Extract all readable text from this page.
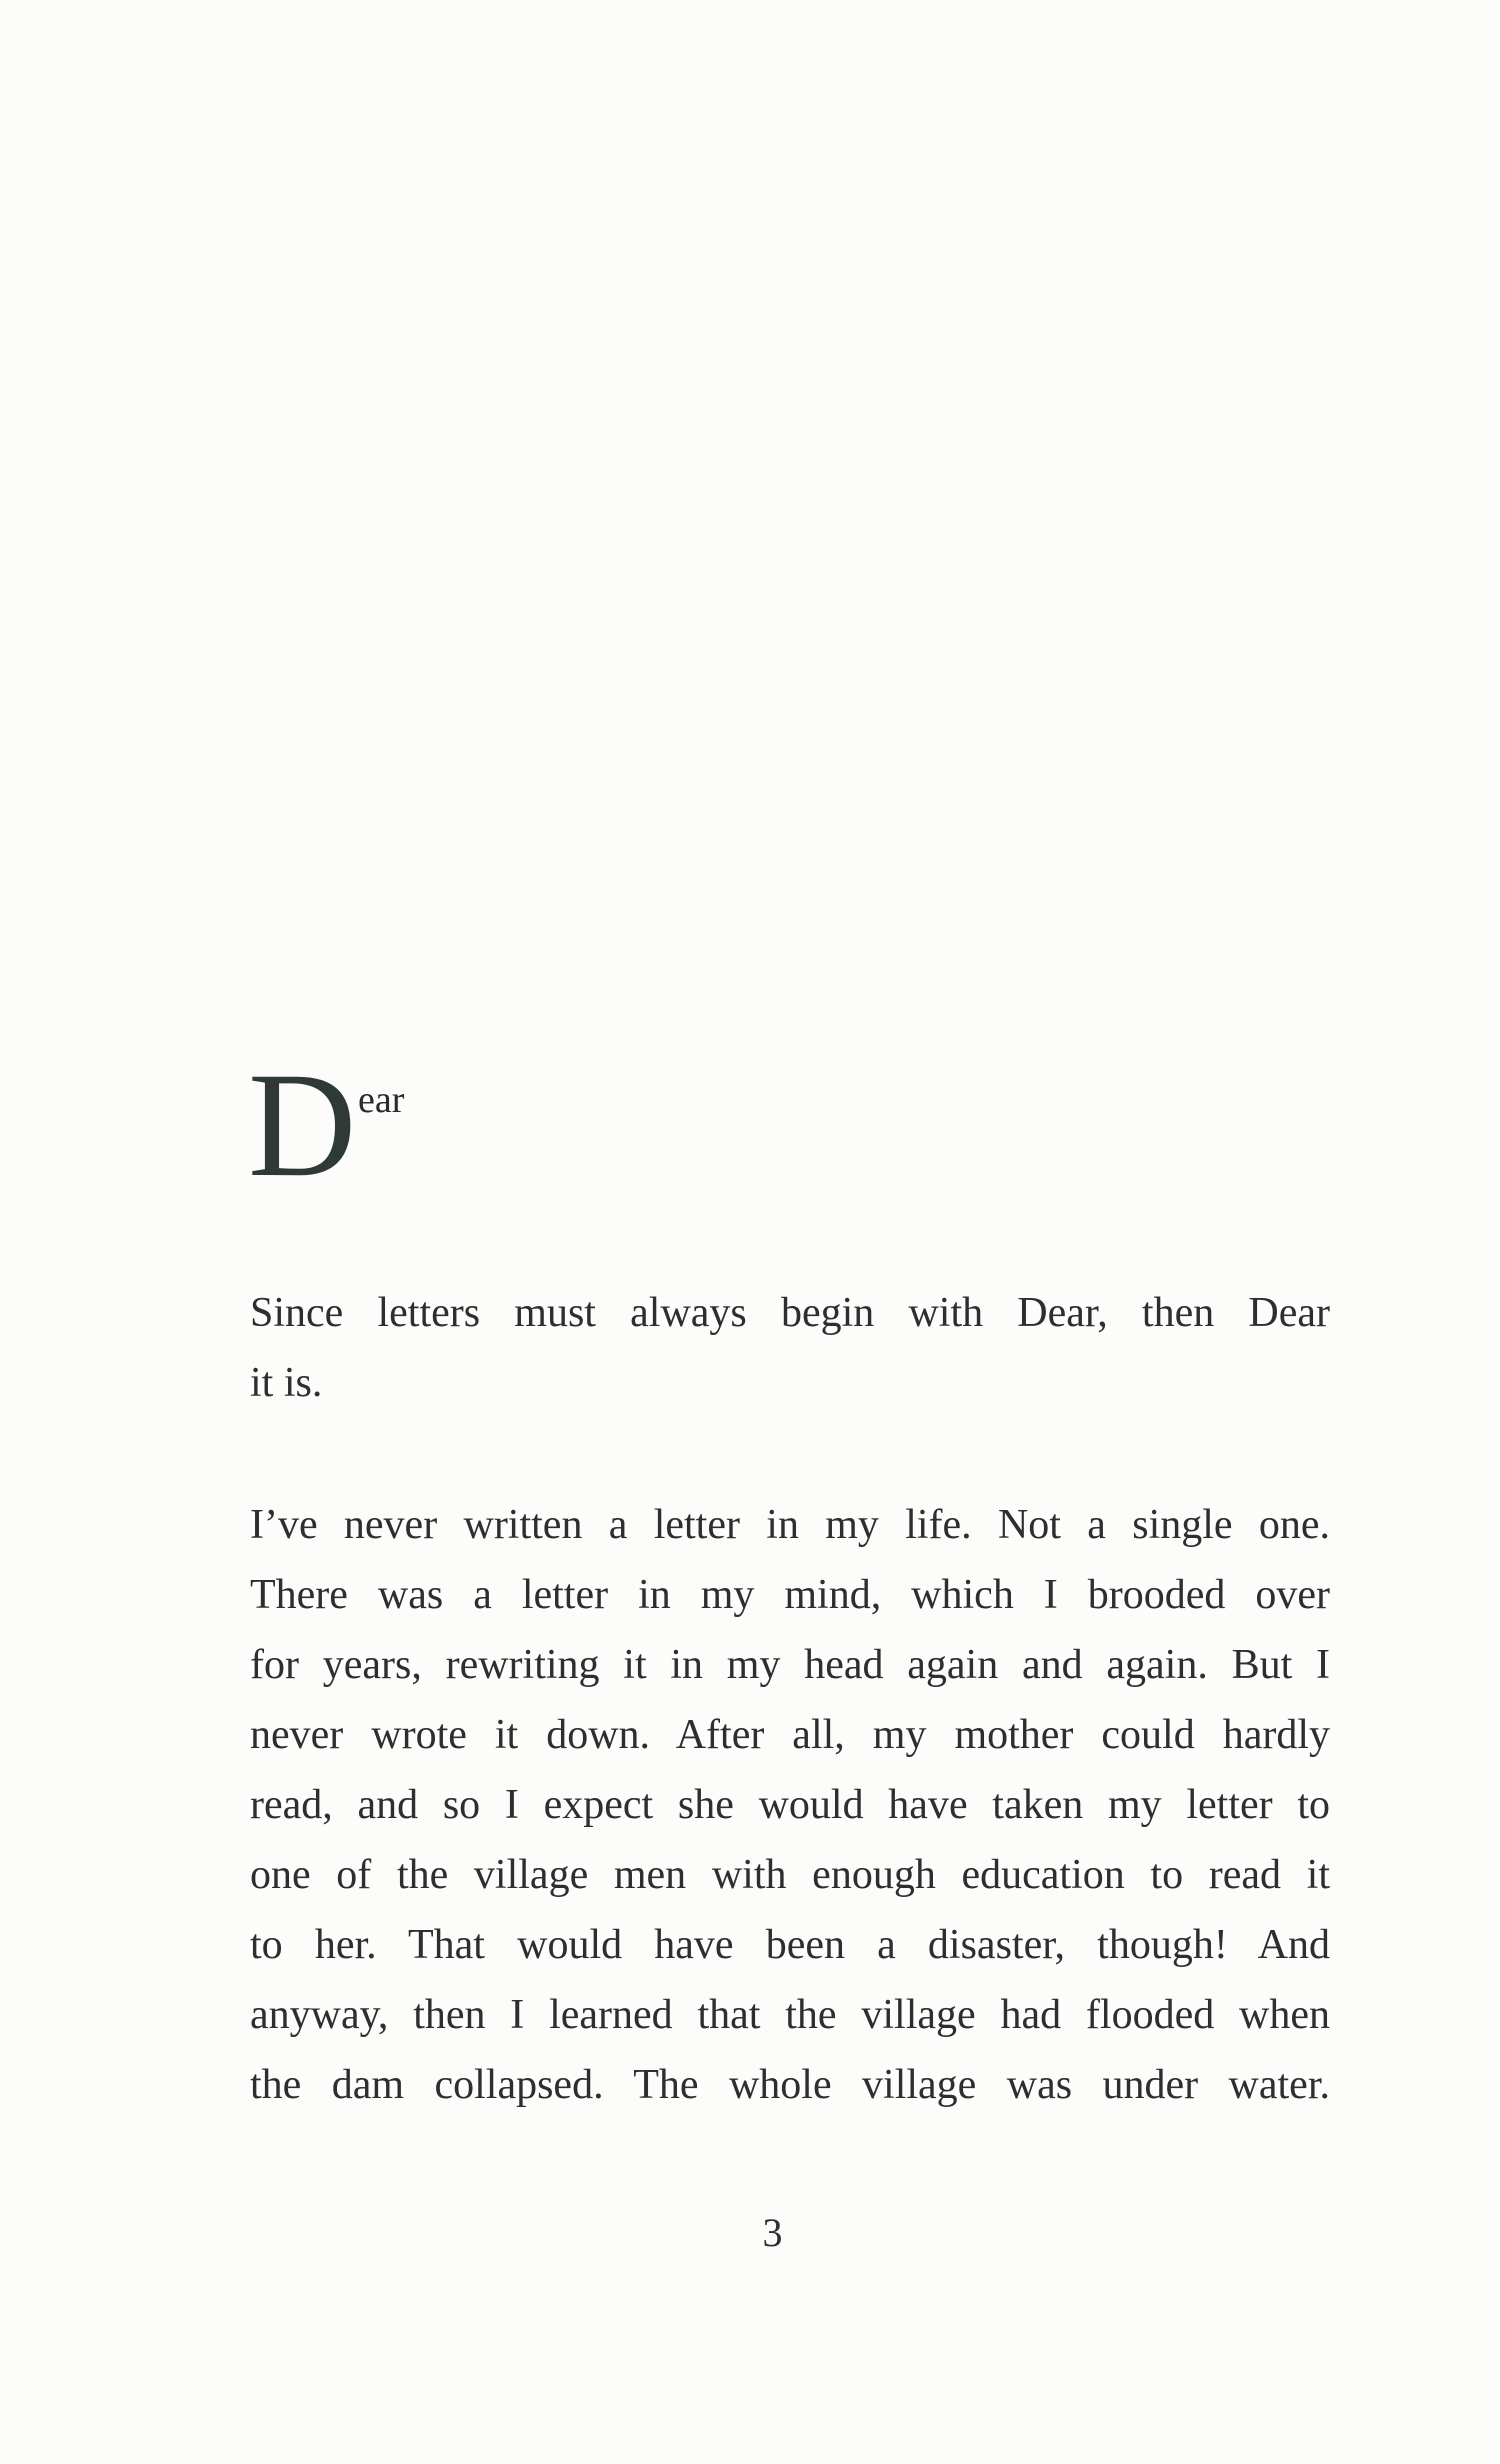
D ear
Since letters must always begin with Dear, then Dear
it is.
I’ve never written a letter in my life. Not a single one.
There was a letter in my mind, which I brooded over
for years, rewriting it in my head again and again. But I
never wrote it down. After all, my mother could hardly
read, and so I expect she would have taken my letter to
one of the village men with enough education to read it
to her. That would have been a disaster, though! And
anyway, then I learned that the village had flooded when
the dam collapsed. The whole village was under water.
3
